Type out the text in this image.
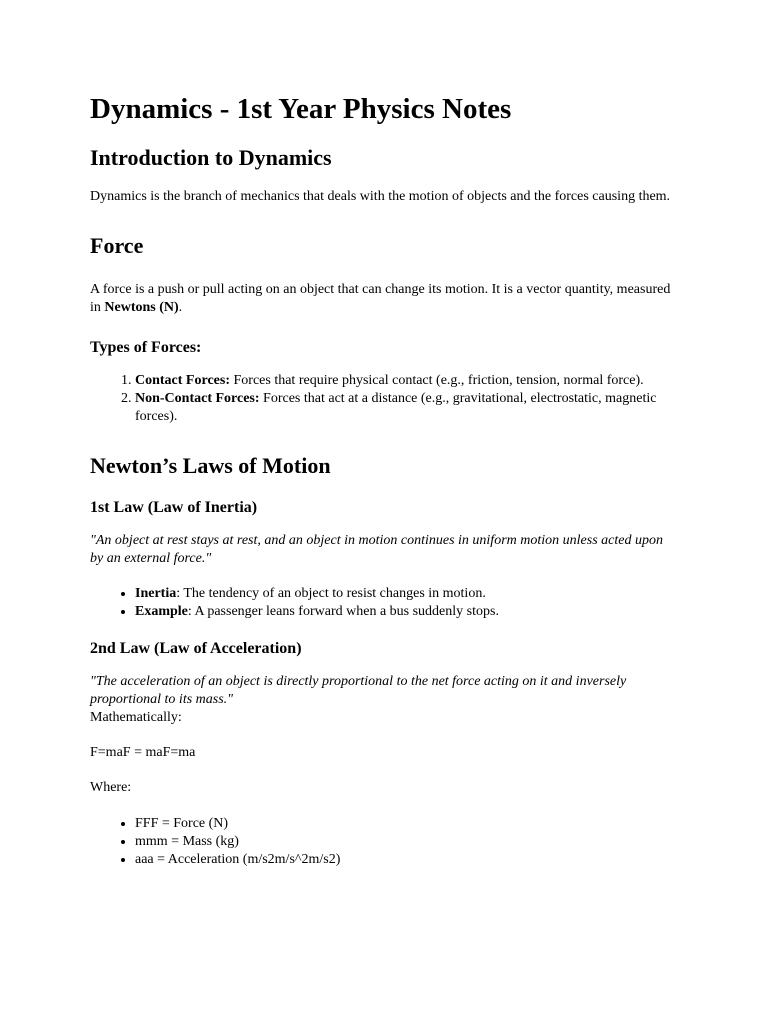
Dynamics - 1st Year Physics Notes
Introduction to Dynamics

Dynamics is the branch of mechanics that deals with the motion of objects and the forces causing them.

Force

A force is a push or pull acting on an object that can change its motion. It is a vector quantity, measured in Newtons (N).

Types of Forces:
1. Contact Forces: Forces that require physical contact (e.g., friction, tension, normal force).
2. Non-Contact Forces: Forces that act at a distance (e.g., gravitational, electrostatic, magnetic forces).
Newton’s Laws of Motion
1st Law (Law of Inertia)

"An object at rest stays at rest, and an object in motion continues in uniform motion unless acted upon by an external force."

• Inertia: The tendency of an object to resist changes in motion.
• Example: A passenger leans forward when a bus suddenly stops.
2nd Law (Law of Acceleration)

"The acceleration of an object is directly proportional to the net force acting on it and inversely proportional to its mass."

Mathematically:

F=maF = maF=ma

Where:

• FFF = Force (N)
• mmm = Mass (kg)
• aaa = Acceleration (m/s2m/s^2m/s2)
